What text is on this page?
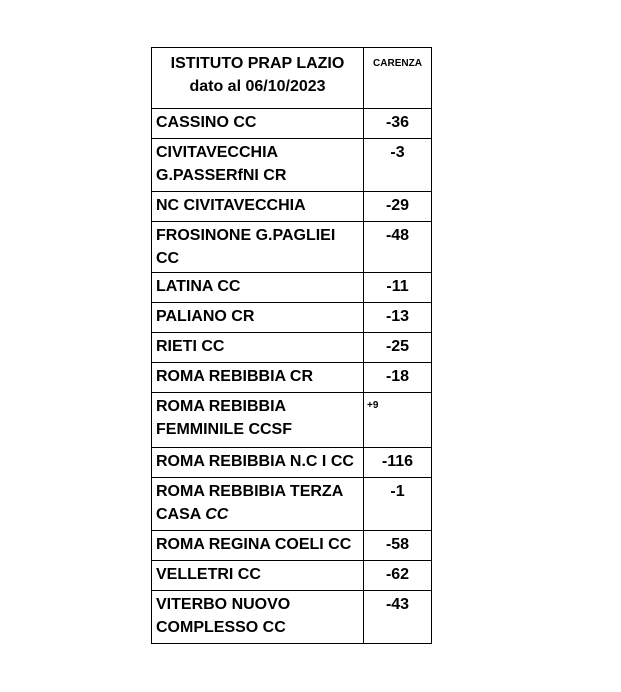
ISTITUTO PRAP LAZIO
dato al 06/10/2023	CARENZA

CASSINO CC	-36

CIVITAVECCHIA
G.PASSERfNI CR	-3

NC CIVITAVECCHIA	-29

FROSINONE G.PAGLIEI CC	-48

LATINA CC	-11

PALIANO CR	-13

RIETI CC	-25

ROMA REBIBBIA CR	-18

ROMA REBIBBIA
FEMMINILE CCSF	+9

ROMA REBIBBIA N.C I CC	-116

ROMA REBBIBIA TERZA
CASA CC	-1

ROMA REGINA COELI CC	-58

VELLETRI CC	-62

VITERBO NUOVO
COMPLESSO CC	-43
